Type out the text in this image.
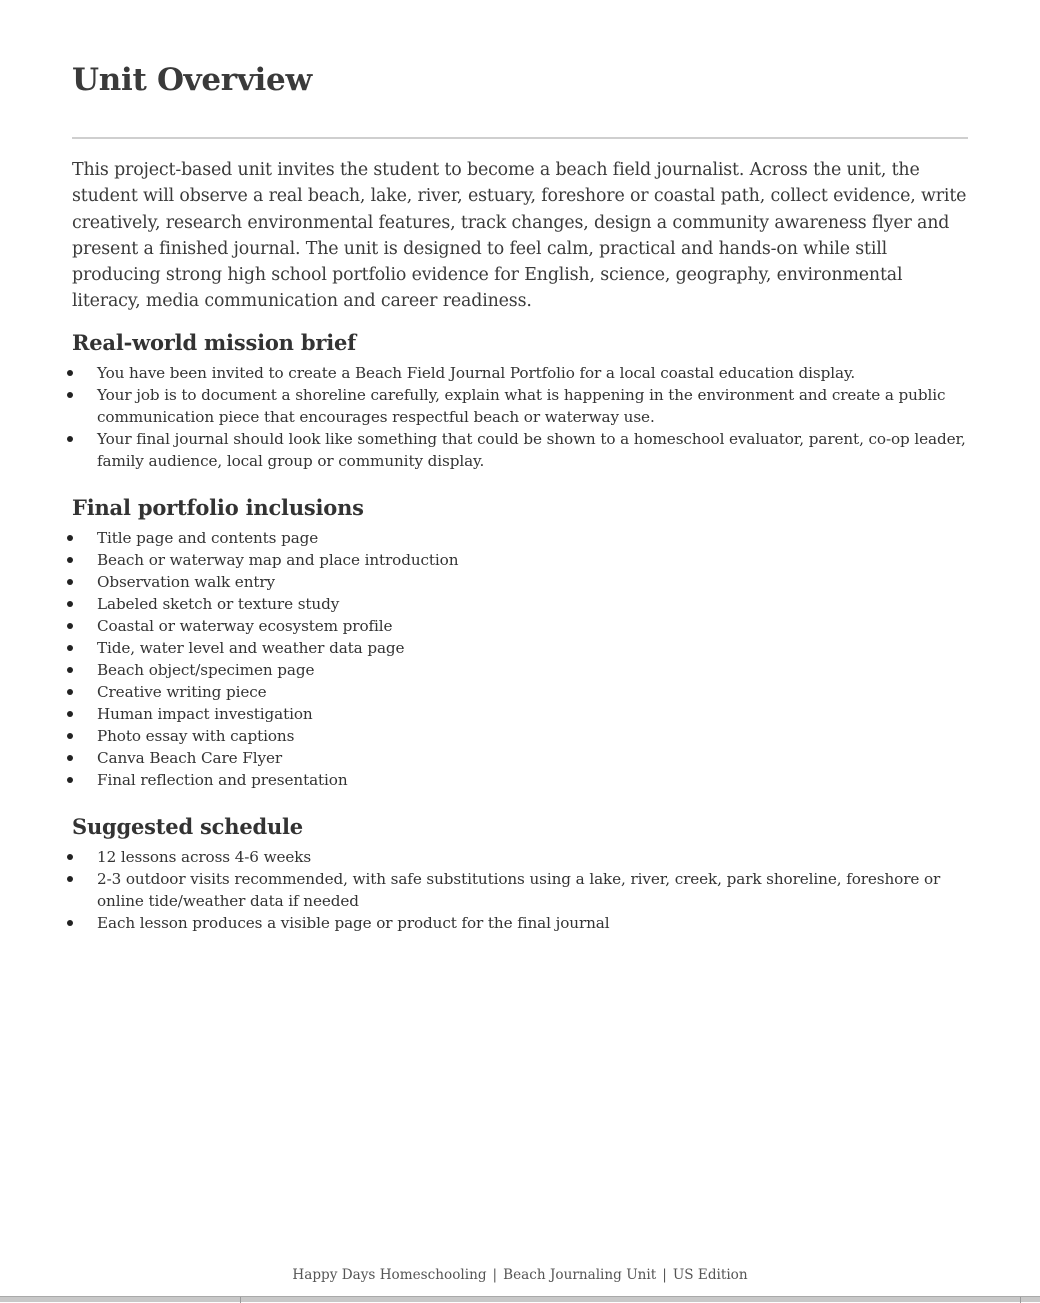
Unit Overview

This project-based unit invites the student to become a beach field journalist. Across the unit, the student will observe a real beach, lake, river, estuary, foreshore or coastal path, collect evidence, write creatively, research environmental features, track changes, design a community awareness flyer and present a finished journal. The unit is designed to feel calm, practical and hands-on while still producing strong high school portfolio evidence for English, science, geography, environmental literacy, media communication and career readiness.

Real-world mission brief
You have been invited to create a Beach Field Journal Portfolio for a local coastal education display.
Your job is to document a shoreline carefully, explain what is happening in the environment and create a public communication piece that encourages respectful beach or waterway use.
Your final journal should look like something that could be shown to a homeschool evaluator, parent, co-op leader, family audience, local group or community display.
Final portfolio inclusions
Title page and contents page
Beach or waterway map and place introduction
Observation walk entry
Labeled sketch or texture study
Coastal or waterway ecosystem profile
Tide, water level and weather data page
Beach object/specimen page
Creative writing piece
Human impact investigation
Photo essay with captions
Canva Beach Care Flyer
Final reflection and presentation
Suggested schedule
12 lessons across 4-6 weeks
2-3 outdoor visits recommended, with safe substitutions using a lake, river, creek, park shoreline, foreshore or online tide/weather data if needed
Each lesson produces a visible page or product for the final journal
Happy Days Homeschooling | Beach Journaling Unit | US Edition
